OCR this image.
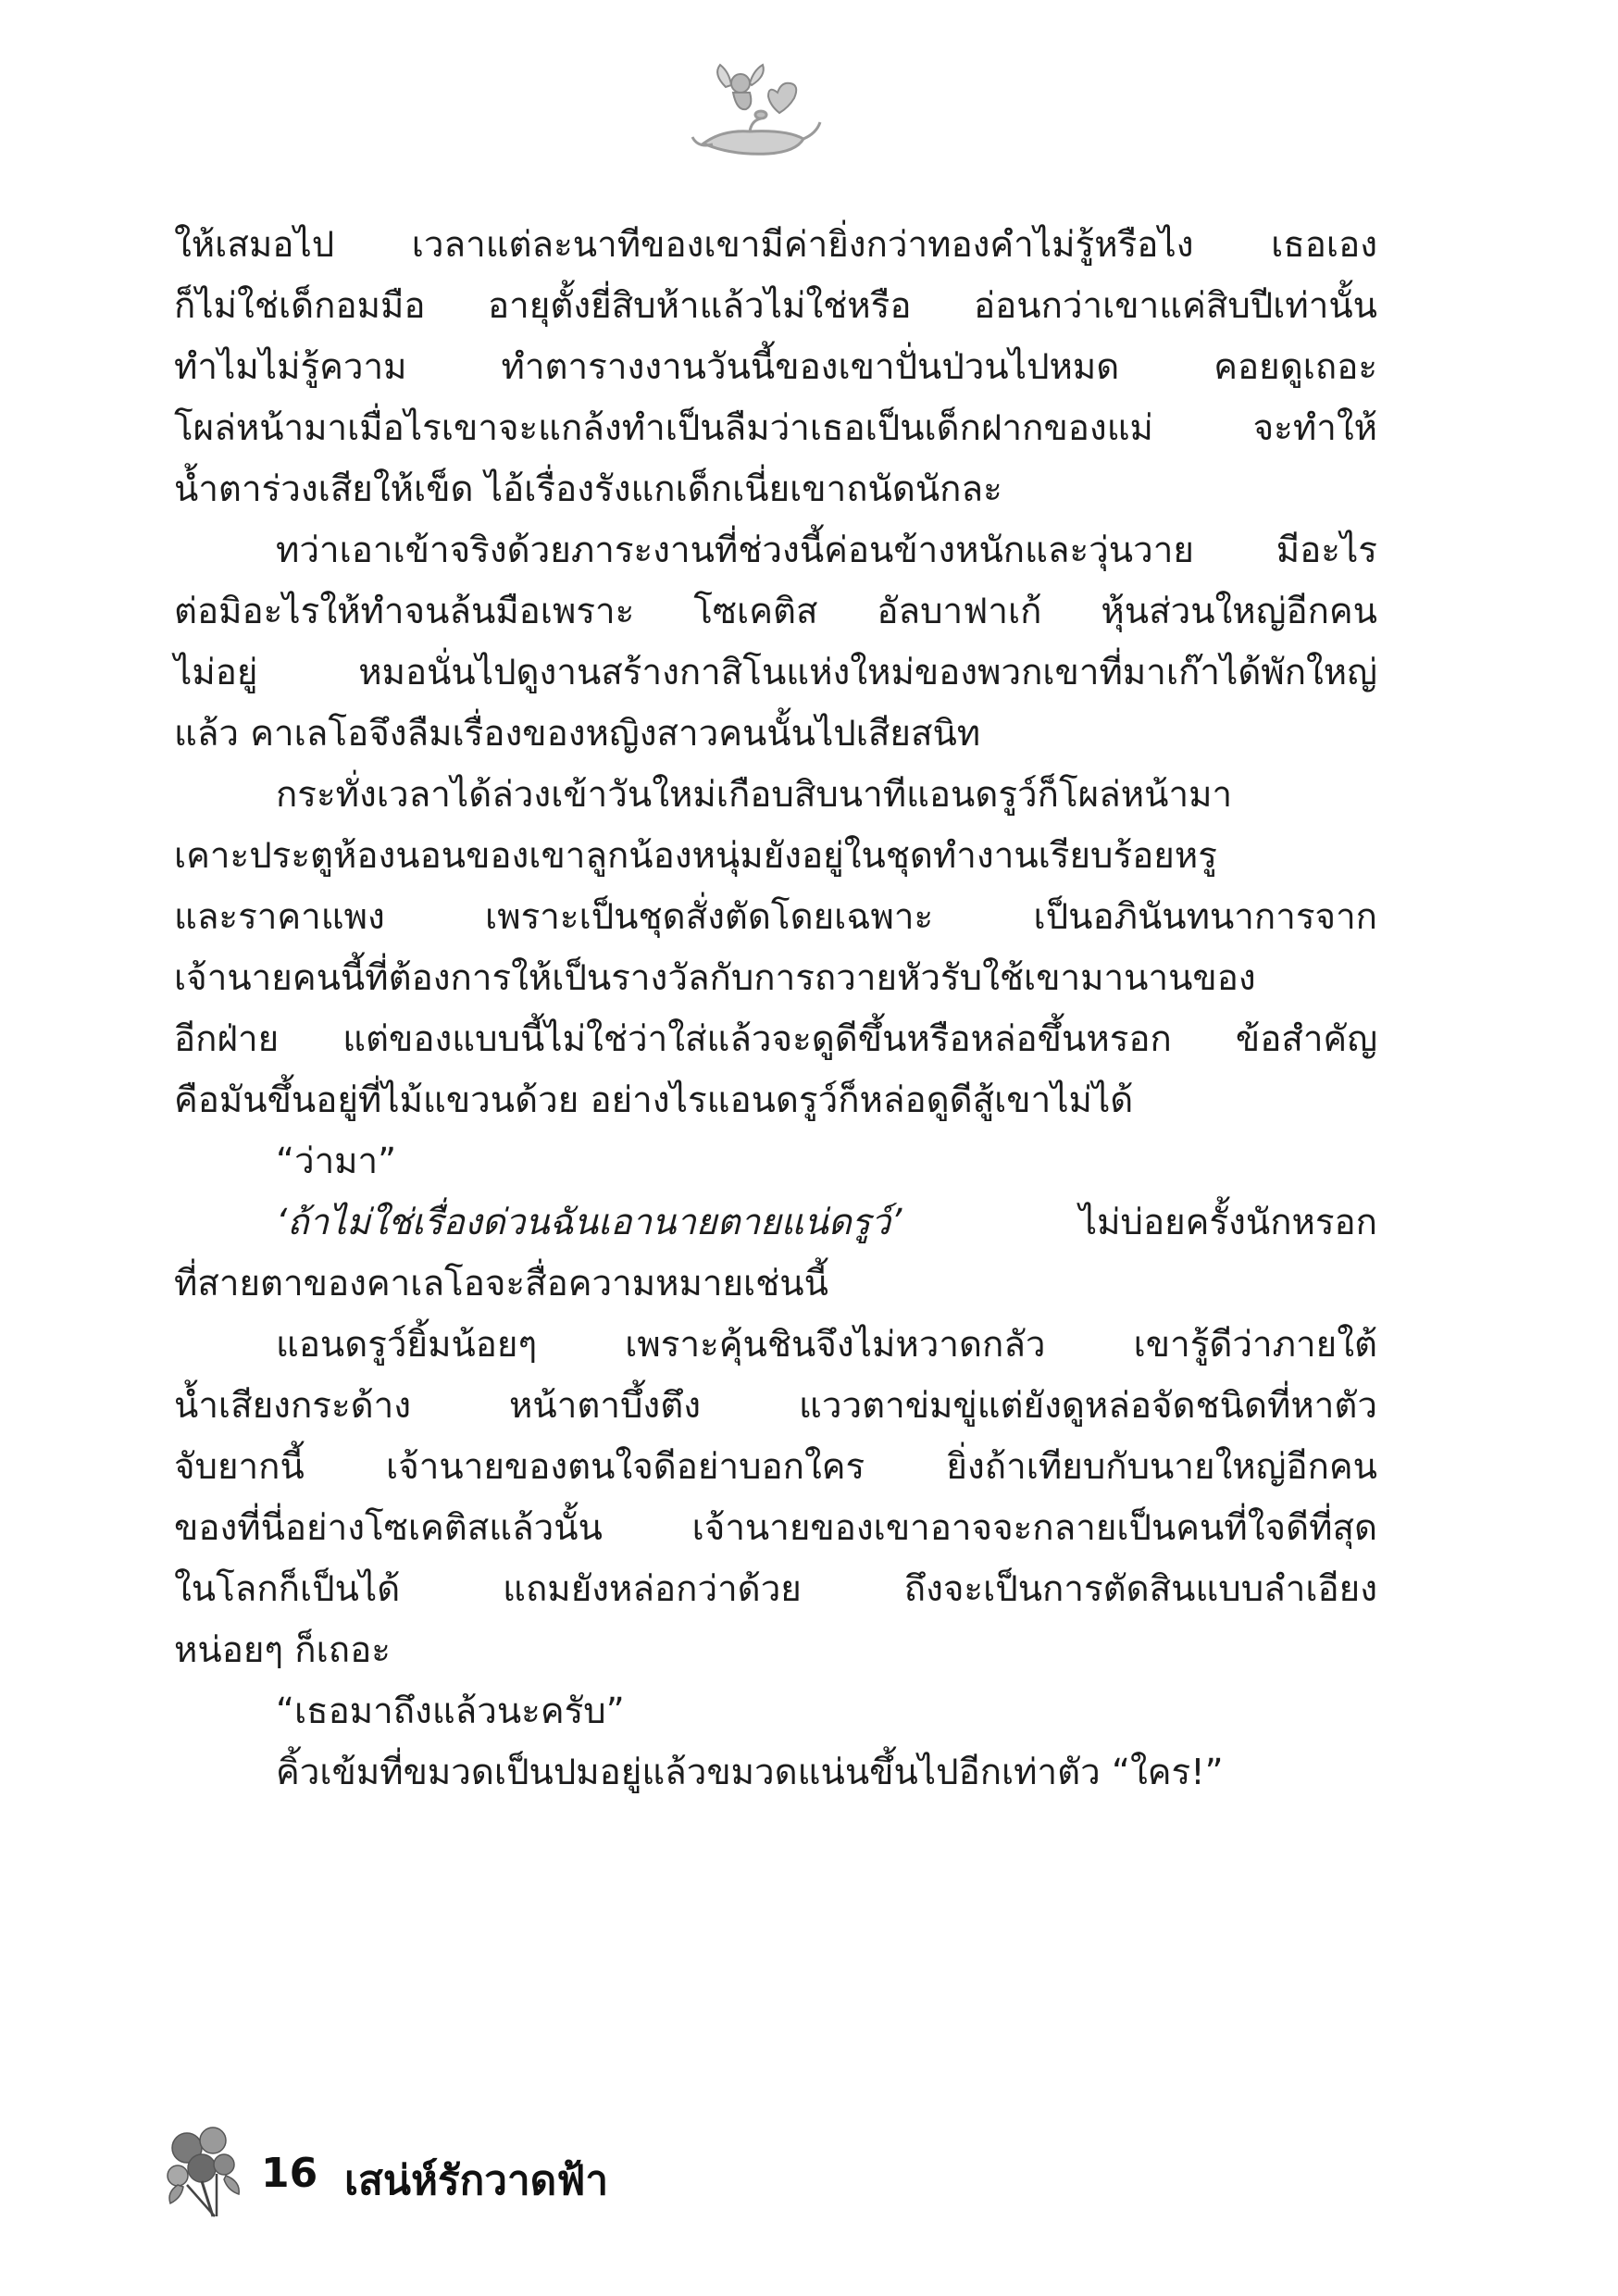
ให้เสมอไป เวลาแต่ละนาทีของเขามีค่ายิ่งกว่าทองคำไม่รู้หรือไง เธอเอง
ก็ไม่ใช่เด็กอมมือ อายุตั้งยี่สิบห้าแล้วไม่ใช่หรือ อ่อนกว่าเขาแค่สิบปีเท่านั้น
ทำไมไม่รู้ความ ทำตารางงานวันนี้ของเขาปั่นป่วนไปหมด คอยดูเถอะ
โผล่หน้ามาเมื่อไรเขาจะแกล้งทำเป็นลืมว่าเธอเป็นเด็กฝากของแม่ จะทำให้
น้ำตาร่วงเสียให้เข็ด ไอ้เรื่องรังแกเด็กเนี่ยเขาถนัดนักละ
ทว่าเอาเข้าจริงด้วยภาระงานที่ช่วงนี้ค่อนข้างหนักและวุ่นวาย มีอะไร
ต่อมิอะไรให้ทำจนล้นมือเพราะ โซเคติส อัลบาฟาเก้ หุ้นส่วนใหญ่อีกคน
ไม่อยู่ หมอนั่นไปดูงานสร้างกาสิโนแห่งใหม่ของพวกเขาที่มาเก๊าได้พักใหญ่
แล้ว คาเลโอจึงลืมเรื่องของหญิงสาวคนนั้นไปเสียสนิท
กระทั่งเวลาได้ล่วงเข้าวันใหม่เกือบสิบนาทีแอนดรูว์ก็โผล่หน้ามา
เคาะประตูห้องนอนของเขาลูกน้องหนุ่มยังอยู่ในชุดทำงานเรียบร้อยหรู
และราคาแพง เพราะเป็นชุดสั่งตัดโดยเฉพาะ เป็นอภินันทนาการจาก
เจ้านายคนนี้ที่ต้องการให้เป็นรางวัลกับการถวายหัวรับใช้เขามานานของ
อีกฝ่าย แต่ของแบบนี้ไม่ใช่ว่าใส่แล้วจะดูดีขึ้นหรือหล่อขึ้นหรอก ข้อสำคัญ
คือมันขึ้นอยู่ที่ไม้แขวนด้วย อย่างไรแอนดรูว์ก็หล่อดูดีสู้เขาไม่ได้
“ว่ามา”
‘ถ้าไม่ใช่เรื่องด่วนฉันเอานายตายแน่ดรูว์’	ไม่บ่อยครั้งนักหรอก
ที่สายตาของคาเลโอจะสื่อความหมายเช่นนี้
แอนดรูว์ยิ้มน้อยๆ เพราะคุ้นชินจึงไม่หวาดกลัว เขารู้ดีว่าภายใต้
น้ำเสียงกระด้าง หน้าตาบึ้งตึง แววตาข่มขู่แต่ยังดูหล่อจัดชนิดที่หาตัว
จับยากนี้ เจ้านายของตนใจดีอย่าบอกใคร ยิ่งถ้าเทียบกับนายใหญ่อีกคน
ของที่นี่อย่างโซเคติสแล้วนั้น เจ้านายของเขาอาจจะกลายเป็นคนที่ใจดีที่สุด
ในโลกก็เป็นได้ แถมยังหล่อกว่าด้วย ถึงจะเป็นการตัดสินแบบลำเอียง
หน่อยๆ ก็เถอะ
“เธอมาถึงแล้วนะครับ”
คิ้วเข้มที่ขมวดเป็นปมอยู่แล้วขมวดแน่นขึ้นไปอีกเท่าตัว “ใคร!”
16 เสน่ห์รักวาดฟ้า
